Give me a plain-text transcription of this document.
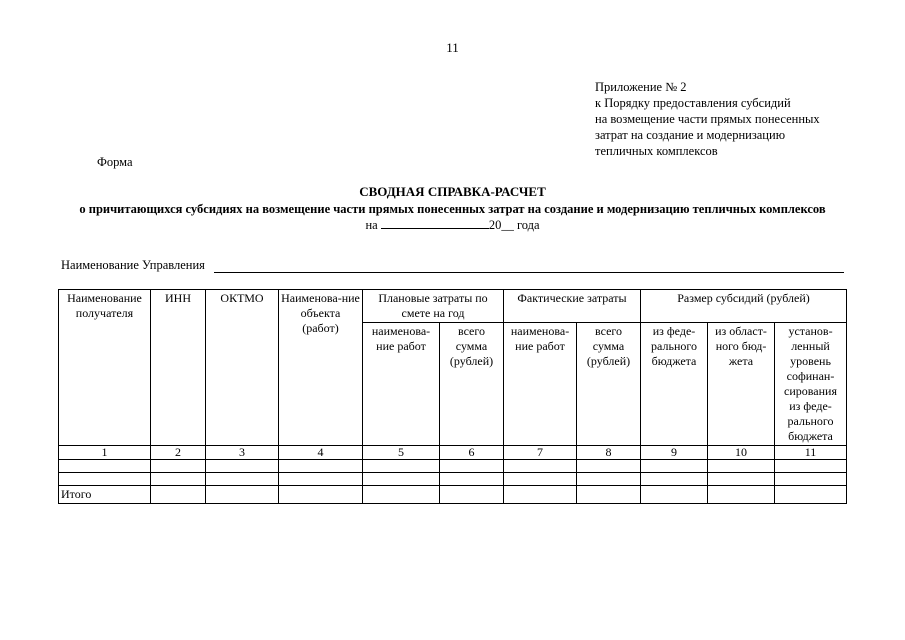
11
Приложение № 2
к Порядку предоставления субсидий
на возмещение части прямых понесенных
затрат на создание и модернизацию
тепличных комплексов
Форма
СВОДНАЯ СПРАВКА-РАСЧЕТ
о причитающихся субсидиях на возмещение части прямых понесенных затрат на создание и модернизацию тепличных комплексов
на	20__ года
Наименование Управления
Наименование получателя	ИНН	ОКТМО	Наименова-ние объекта (работ)	Плановые затраты по смете на год		Фактические затраты		Размер субсидий (рублей)		
				наименова-ние работ	всего сумма (рублей)	наименова-ние работ	всего сумма (рублей)	из феде-рального бюджета	из област-ного бюд-жета	установ-ленный уровень софинан-сирования из феде-рального бюджета
1	2	3	4	5	6	7	8	9	10	11

Итого										
